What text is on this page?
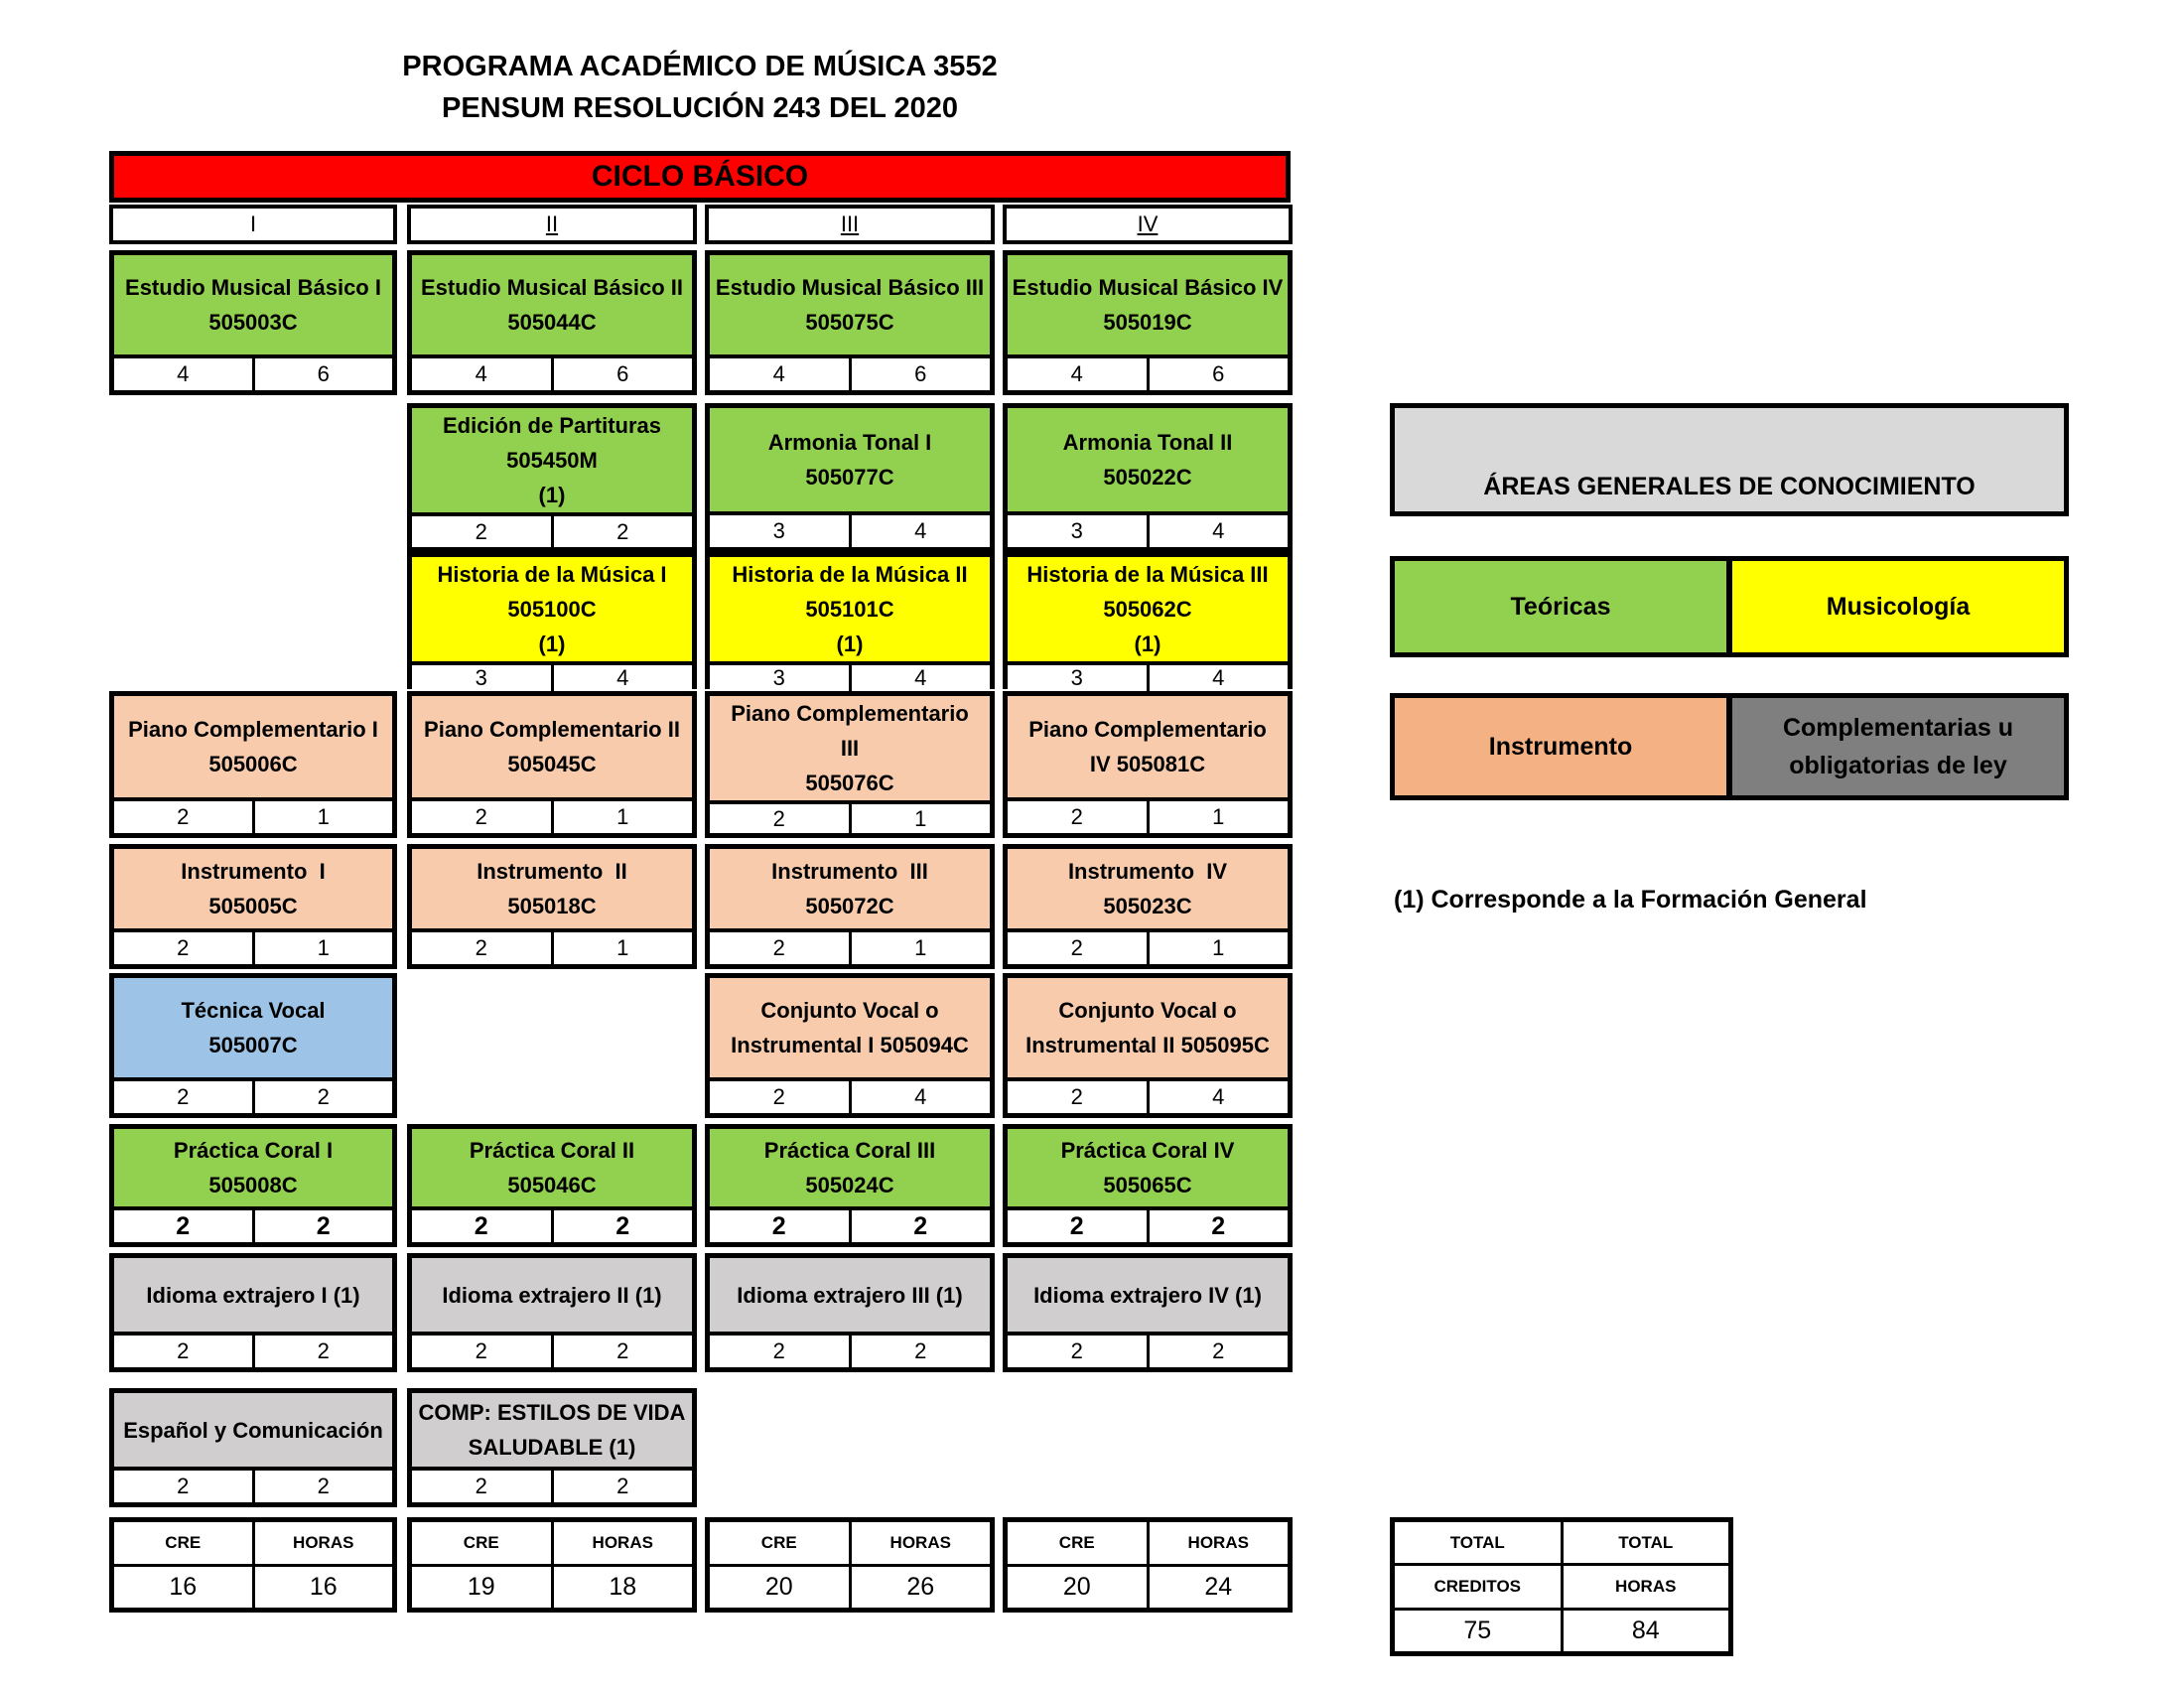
PROGRAMA ACADÉMICO DE MÚSICA 3552
PENSUM RESOLUCIÓN 243 DEL 2020
CICLO BÁSICO
I	II	III	IV
Estudio Musical Básico I
505003C
4	6
Estudio Musical Básico II
505044C
4	6
Estudio Musical Básico III
505075C
4	6
Estudio Musical Básico IV
505019C
4	6
Edición de Partituras
505450M
(1)
2	2
Armonia Tonal I
505077C
3	4
Armonia Tonal II
505022C
3	4
Historia de la Música I
505100C
(1)
3	4
Historia de la Música II
505101C
(1)
3	4
Historia de la Música III
505062C
(1)
3	4
Piano Complementario I
505006C
2	1
Piano Complementario II
505045C
2	1
Piano Complementario
III
505076C
2	1
Piano Complementario
IV 505081C
2	1
Instrumento  I
505005C
2	1
Instrumento  II
505018C
2	1
Instrumento  III
505072C
2	1
Instrumento  IV
505023C
2	1
Técnica Vocal
505007C
2	2
Conjunto Vocal o
Instrumental I 505094C
2	4
Conjunto Vocal o
Instrumental II 505095C
2	4
Práctica Coral I
505008C
2	2
Práctica Coral II
505046C
2	2
Práctica Coral III
505024C
2	2
Práctica Coral IV
505065C
2	2
Idioma extrajero I (1)
2	2
Idioma extrajero II (1)
2	2
Idioma extrajero III (1)
2	2
Idioma extrajero IV (1)
2	2
Español y Comunicación
2	2
COMP: ESTILOS DE VIDA
SALUDABLE (1)
2	2
CRE	HORAS
16	16
CRE	HORAS
19	18
CRE	HORAS
20	26
CRE	HORAS
20	24
ÁREAS GENERALES DE CONOCIMIENTO
Teóricas	Musicología
Instrumento
Complementarias u
obligatorias de ley
(1) Corresponde a la Formación General
TOTAL	TOTAL
CREDITOS	HORAS
75	84
